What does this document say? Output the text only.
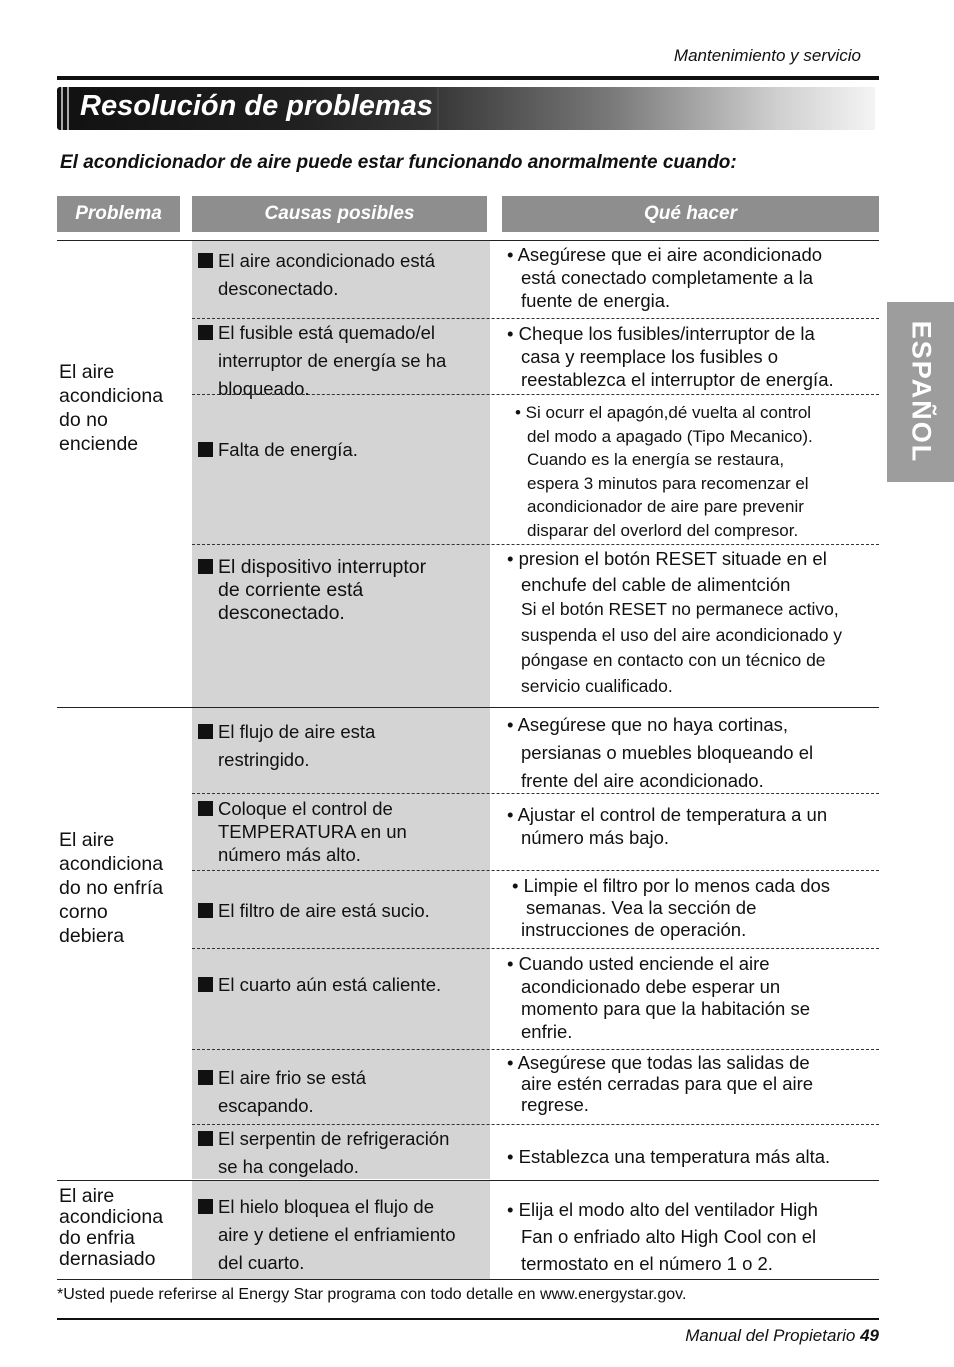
Mantenimiento y servicio
Resolución de problemas
El acondicionador de aire puede estar funcionando anormalmente cuando:
Problema	Causas posibles	Qué hacer
El aire
acondiciona
do no
enciende
El aire
acondiciona
do no enfría
corno
debiera
El aire
acondiciona
do enfria
dernasiado
El aire acondicionado está
desconectado.
El fusible está quemado/el
interruptor de energía se ha
bloqueado.
Falta de energía.
El dispositivo interruptor
de corriente está
desconectado.
El flujo de aire esta
restringido.
Coloque el control de
TEMPERATURA en un
número más alto.
El filtro de aire está sucio.
El cuarto aún está caliente.
El aire frio se está
escapando.
El serpentin de refrigeración
se ha congelado.
El hielo bloquea el flujo de
aire y detiene el enfriamiento
del cuarto.
• Asegúrese que ei aire acondicionado
está conectado completamente a la
fuente de energia.
• Cheque los fusibles/interruptor de la
casa y reemplace los fusibles o
reestablezca el interruptor de energía.
• Si ocurr el apagón,dé vuelta al control
del modo a apagado (Tipo Mecanico).
Cuando es la energía se restaura,
espera 3 minutos para recomenzar el
acondicionador de aire pare prevenir
disparar del overlord del compresor.
• presion el botón RESET situade en el
enchufe del cable de alimentción
Si el botón RESET no permanece activo,
suspenda el uso del aire acondicionado y
póngase en contacto con un técnico de
servicio cualificado.
• Asegúrese que no haya cortinas,
persianas o muebles bloqueando el
frente del aire acondicionado.
• Ajustar el control de temperatura a un
número más bajo.
• Limpie el filtro por lo menos cada dos
semanas. Vea la sección de
instrucciones de operación.
• Cuando usted enciende el aire
acondicionado debe esperar un
momento para que la habitación se
enfrie.
• Asegúrese que todas las salidas de
aire estén cerradas para que el aire
regrese.
• Establezca una temperatura más alta.
• Elija el modo alto del ventilador High
Fan o enfriado alto High Cool con el
termostato en el número 1 o 2.
ESPAÑOL
*Usted puede referirse al Energy Star programa con todo detalle en www.energystar.gov.
Manual del Propietario 49
